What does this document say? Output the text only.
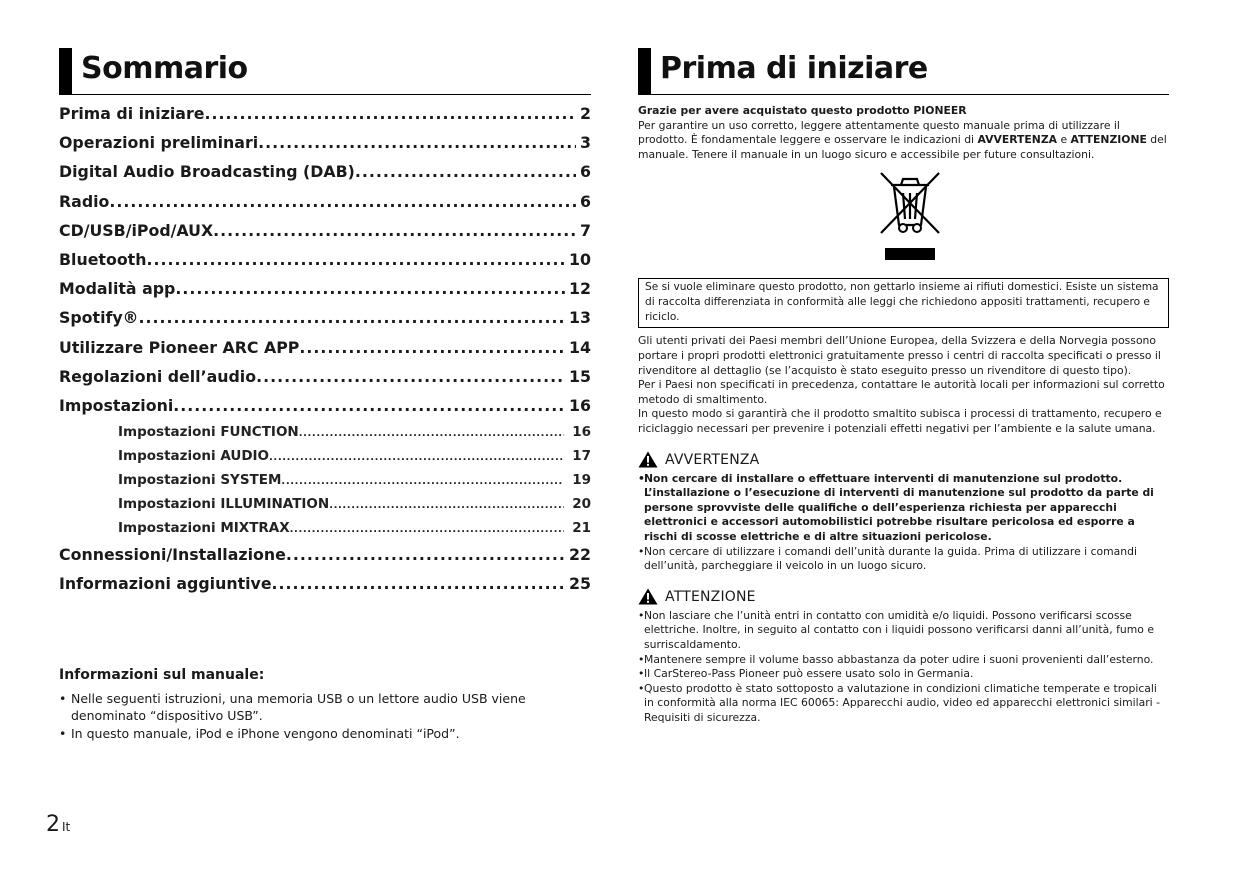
Sommario
Prima di iniziare .....	2
Operazioni preliminari .....	3
Digital Audio Broadcasting (DAB) .....	6
Radio .....	6
CD/USB/iPod/AUX .....	7
Bluetooth .....	10
Modalità app .....	12
Spotify® .....	13
Utilizzare Pioneer ARC APP .....	14
Regolazioni dell’audio .....	15
Impostazioni .....	16
Impostazioni FUNCTION .....	16
Impostazioni AUDIO .....	17
Impostazioni SYSTEM .....	19
Impostazioni ILLUMINATION .....	20
Impostazioni MIXTRAX .....	21
Connessioni/Installazione .....	22
Informazioni aggiuntive .....	25
Informazioni sul manuale:
• Nelle seguenti istruzioni, una memoria USB o un lettore audio USB viene denominato “dispositivo USB”.
• In questo manuale, iPod e iPhone vengono denominati “iPod”.
2 It
Prima di iniziare
Grazie per avere acquistato questo prodotto PIONEER
Per garantire un uso corretto, leggere attentamente questo manuale prima di utilizzare il prodotto. È fondamentale leggere e osservare le indicazioni di AVVERTENZA e ATTENZIONE del manuale. Tenere il manuale in un luogo sicuro e accessibile per future consultazioni.
Se si vuole eliminare questo prodotto, non gettarlo insieme ai rifiuti domestici. Esiste un sistema di raccolta differenziata in conformità alle leggi che richiedono appositi trattamenti, recupero e riciclo.
Gli utenti privati dei Paesi membri dell’Unione Europea, della Svizzera e della Norvegia possono portare i propri prodotti elettronici gratuitamente presso i centri di raccolta specificati o presso il rivenditore al dettaglio (se l’acquisto è stato eseguito presso un rivenditore di questo tipo).
Per i Paesi non specificati in precedenza, contattare le autorità locali per informazioni sul corretto metodo di smaltimento.
In questo modo si garantirà che il prodotto smaltito subisca i processi di trattamento, recupero e riciclaggio necessari per prevenire i potenziali effetti negativi per l’ambiente e la salute umana.
AVVERTENZA
• Non cercare di installare o effettuare interventi di manutenzione sul prodotto. L’installazione o l’esecuzione di interventi di manutenzione sul prodotto da parte di persone sprovviste delle qualifiche o dell’esperienza richiesta per apparecchi elettronici e accessori automobilistici potrebbe risultare pericolosa ed esporre a rischi di scosse elettriche e di altre situazioni pericolose.
• Non cercare di utilizzare i comandi dell’unità durante la guida. Prima di utilizzare i comandi dell’unità, parcheggiare il veicolo in un luogo sicuro.
ATTENZIONE
• Non lasciare che l’unità entri in contatto con umidità e/o liquidi. Possono verificarsi scosse elettriche. Inoltre, in seguito al contatto con i liquidi possono verificarsi danni all’unità, fumo e surriscaldamento.
• Mantenere sempre il volume basso abbastanza da poter udire i suoni provenienti dall’esterno.
• Il CarStereo-Pass Pioneer può essere usato solo in Germania.
• Questo prodotto è stato sottoposto a valutazione in condizioni climatiche temperate e tropicali in conformità alla norma IEC 60065: Apparecchi audio, video ed apparecchi elettronici similari - Requisiti di sicurezza.
